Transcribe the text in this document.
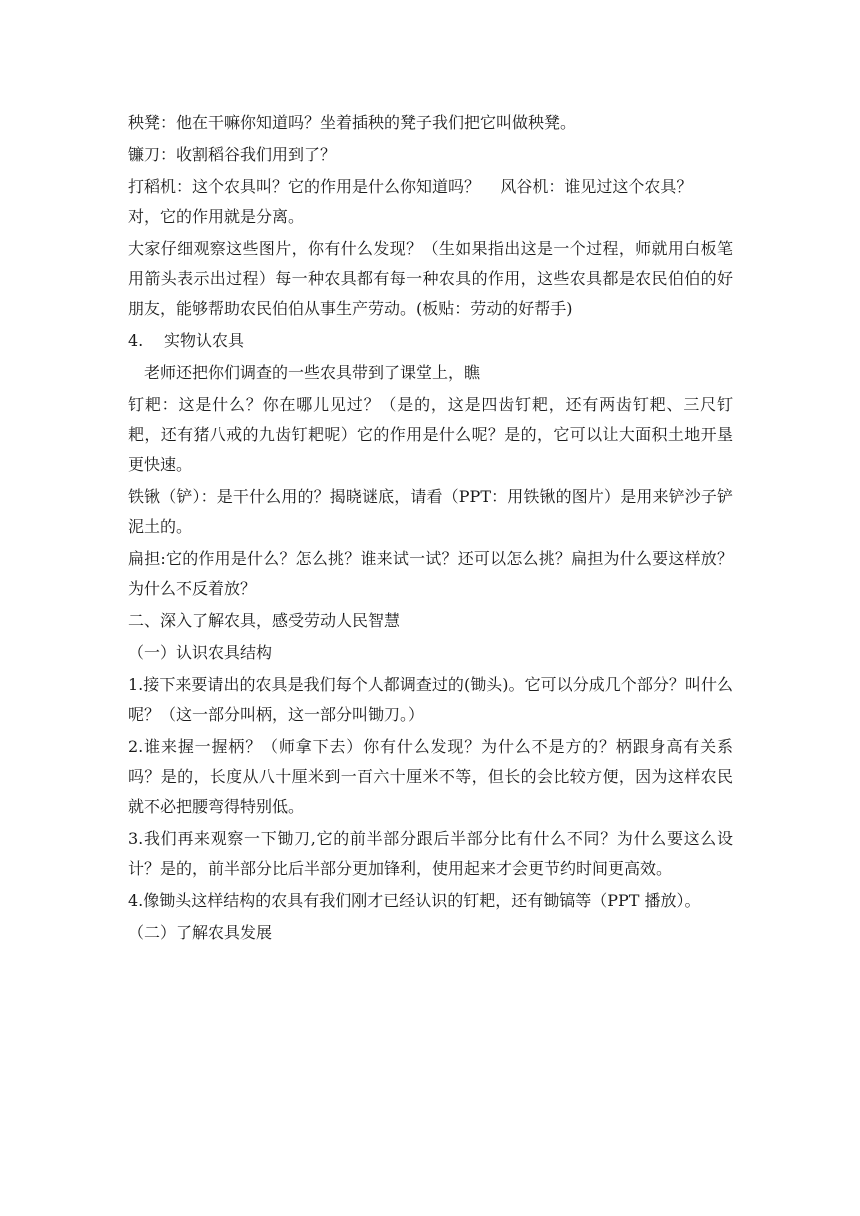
秧凳：他在干嘛你知道吗？坐着插秧的凳子我们把它叫做秧凳。

镰刀：收割稻谷我们用到了？

打稻机：这个农具叫？它的作用是什么你知道吗？    风谷机：谁见过这个农具？

对，它的作用就是分离。

大家仔细观察这些图片，你有什么发现？（生如果指出这是一个过程，师就用白板笔用箭头表示出过程）每一种农具都有每一种农具的作用，这些农具都是农民伯伯的好朋友，能够帮助农民伯伯从事生产劳动。(板贴：劳动的好帮手)

4. 实物认农具

老师还把你们调查的一些农具带到了课堂上，瞧

钉耙：这是什么？你在哪儿见过？（是的，这是四齿钉耙，还有两齿钉耙、三尺钉耙，还有猪八戒的九齿钉耙呢）它的作用是什么呢？是的，它可以让大面积土地开垦更快速。

铁锹（铲）：是干什么用的？揭晓谜底，请看（PPT：用铁锹的图片）是用来铲沙子铲泥土的。

扁担:它的作用是什么？怎么挑？谁来试一试？还可以怎么挑？扁担为什么要这样放？为什么不反着放？

二、深入了解农具，感受劳动人民智慧

（一）认识农具结构

1.接下来要请出的农具是我们每个人都调查过的(锄头)。它可以分成几个部分？叫什么呢？（这一部分叫柄，这一部分叫锄刀。）

2.谁来握一握柄？（师拿下去）你有什么发现？为什么不是方的？柄跟身高有关系吗？是的，长度从八十厘米到一百六十厘米不等，但长的会比较方便，因为这样农民就不必把腰弯得特别低。

3.我们再来观察一下锄刀,它的前半部分跟后半部分比有什么不同？为什么要这么设计？是的，前半部分比后半部分更加锋利，使用起来才会更节约时间更高效。

4.像锄头这样结构的农具有我们刚才已经认识的钉耙，还有锄镐等（PPT 播放）。

（二）了解农具发展
